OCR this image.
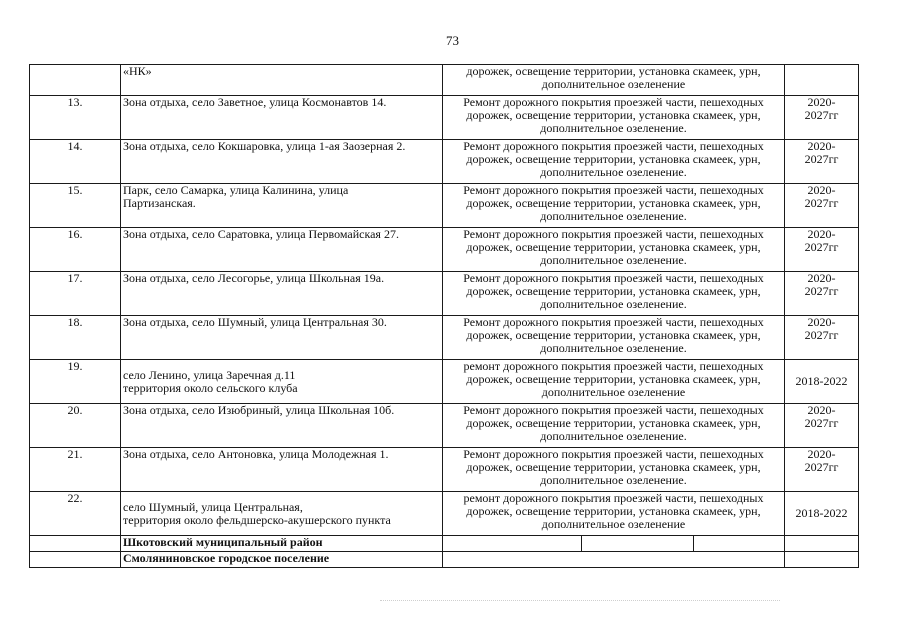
73

	«НК»	дорожек, освещение территории, установка скамеек, урн,
дополнительное озеленение	

13.	Зона отдыха, село Заветное, улица Космонавтов 14.	Ремонт дорожного покрытия проезжей части, пешеходных
дорожек, освещение территории, установка скамеек, урн,
дополнительное озеленение.	2020-
2027гг

14.	Зона отдыха, село Кокшаровка, улица 1-ая Заозерная 2.	Ремонт дорожного покрытия проезжей части, пешеходных
дорожек, освещение территории, установка скамеек, урн,
дополнительное озеленение.	2020-
2027гг

15.	Парк, село Самарка, улица Калинина, улица
Партизанская.	Ремонт дорожного покрытия проезжей части, пешеходных
дорожек, освещение территории, установка скамеек, урн,
дополнительное озеленение.	2020-
2027гг

16.	Зона отдыха, село Саратовка, улица Первомайская 27.	Ремонт дорожного покрытия проезжей части, пешеходных
дорожек, освещение территории, установка скамеек, урн,
дополнительное озеленение.	2020-
2027гг

17.	Зона отдыха, село Лесогорье, улица Школьная 19а.	Ремонт дорожного покрытия проезжей части, пешеходных
дорожек, освещение территории, установка скамеек, урн,
дополнительное озеленение.	2020-
2027гг

18.	Зона отдыха, село Шумный, улица Центральная 30.	Ремонт дорожного покрытия проезжей части, пешеходных
дорожек, освещение территории, установка скамеек, урн,
дополнительное озеленение.	2020-
2027гг

19.	село Ленино, улица Заречная д.11
территория около сельского клуба	ремонт дорожного покрытия проезжей части, пешеходных
дорожек, освещение территории, установка скамеек, урн,
дополнительное озеленение	2018-2022

20.	Зона отдыха, село Изюбриный, улица Школьная 10б.	Ремонт дорожного покрытия проезжей части, пешеходных
дорожек, освещение территории, установка скамеек, урн,
дополнительное озеленение.	2020-
2027гг

21.	Зона отдыха, село Антоновка, улица Молодежная 1.	Ремонт дорожного покрытия проезжей части, пешеходных
дорожек, освещение территории, установка скамеек, урн,
дополнительное озеленение.	2020-
2027гг

22.	село Шумный, улица Центральная,
территория около фельдшерско-акушерского пункта	ремонт дорожного покрытия проезжей части, пешеходных
дорожек, освещение территории, установка скамеек, урн,
дополнительное озеленение	2018-2022

	Шкотовский муниципальный район	

	Смоляниновское городское поселение		
